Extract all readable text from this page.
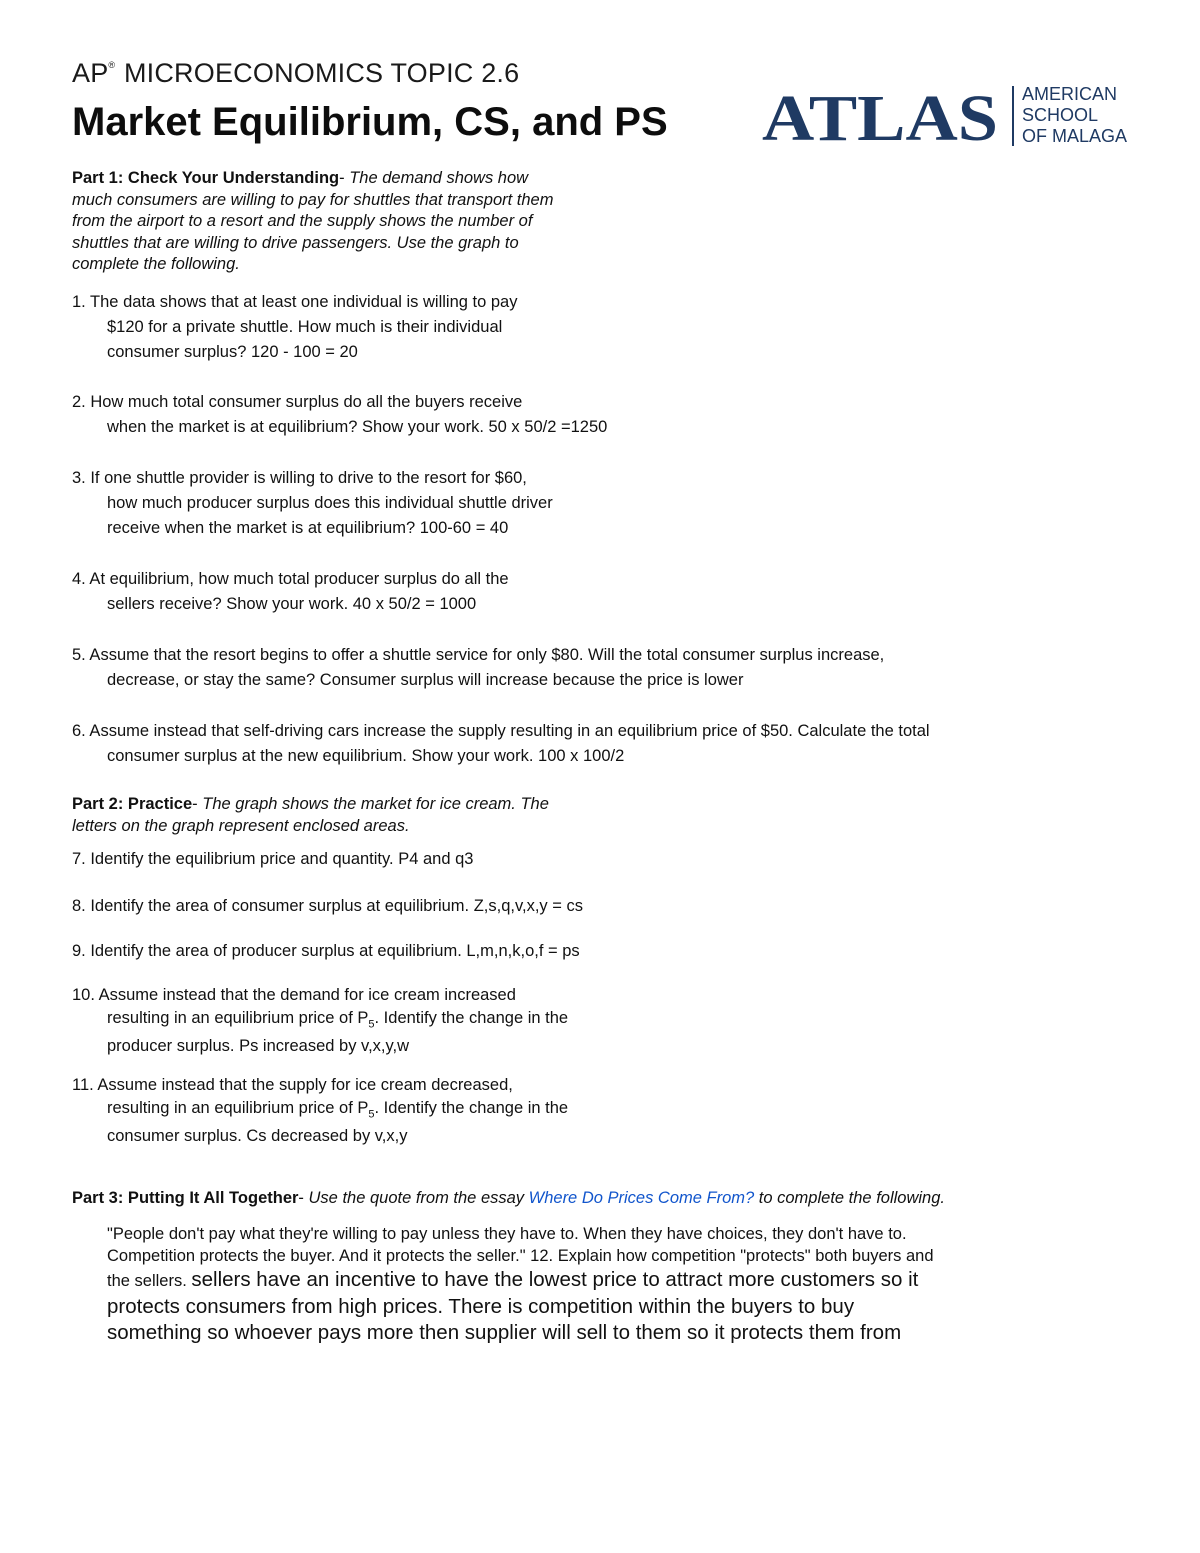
AP® MICROECONOMICS TOPIC 2.6
Market Equilibrium, CS, and PS ATLAS AMERICAN
SCHOOL
OF MALAGA
Part 1: Check Your Understanding- The demand shows how
much consumers are willing to pay for shuttles that transport them
from the airport to a resort and the supply shows the number of
shuttles that are willing to drive passengers. Use the graph to
complete the following.
1. The data shows that at least one individual is willing to pay
$120 for a private shuttle. How much is their individual
consumer surplus? 120 - 100 = 20
2. How much total consumer surplus do all the buyers receive
when the market is at equilibrium? Show your work. 50 x 50/2 =1250
3. If one shuttle provider is willing to drive to the resort for $60,
how much producer surplus does this individual shuttle driver
receive when the market is at equilibrium? 100-60 = 40
4. At equilibrium, how much total producer surplus do all the
sellers receive? Show your work. 40 x 50/2 = 1000
5. Assume that the resort begins to offer a shuttle service for only $80. Will the total consumer surplus increase,
decrease, or stay the same? Consumer surplus will increase because the price is lower
6. Assume instead that self-driving cars increase the supply resulting in an equilibrium price of $50. Calculate the total
consumer surplus at the new equilibrium. Show your work. 100 x 100/2
Part 2: Practice- The graph shows the market for ice cream. The
letters on the graph represent enclosed areas.
7. Identify the equilibrium price and quantity. P4 and q3
8. Identify the area of consumer surplus at equilibrium. Z,s,q,v,x,y = cs
9. Identify the area of producer surplus at equilibrium. L,m,n,k,o,f = ps
10. Assume instead that the demand for ice cream increased
resulting in an equilibrium price of $P_5$. Identify the change in the
producer surplus. Ps increased by v,x,y,w
11. Assume instead that the supply for ice cream decreased,
resulting in an equilibrium price of $P_5$. Identify the change in the
consumer surplus. Cs decreased by v,x,y
Part 3: Putting It All Together- Use the quote from the essay Where Do Prices Come From? to complete the following.
"People don't pay what they're willing to pay unless they have to. When they have choices, they don't have to.
Competition protects the buyer. And it protects the seller." 12. Explain how competition "protects" both buyers and
the sellers. sellers have an incentive to have the lowest price to attract more customers so it
protects consumers from high prices. There is competition within the buyers to buy
something so whoever pays more then supplier will sell to them so it protects them from
